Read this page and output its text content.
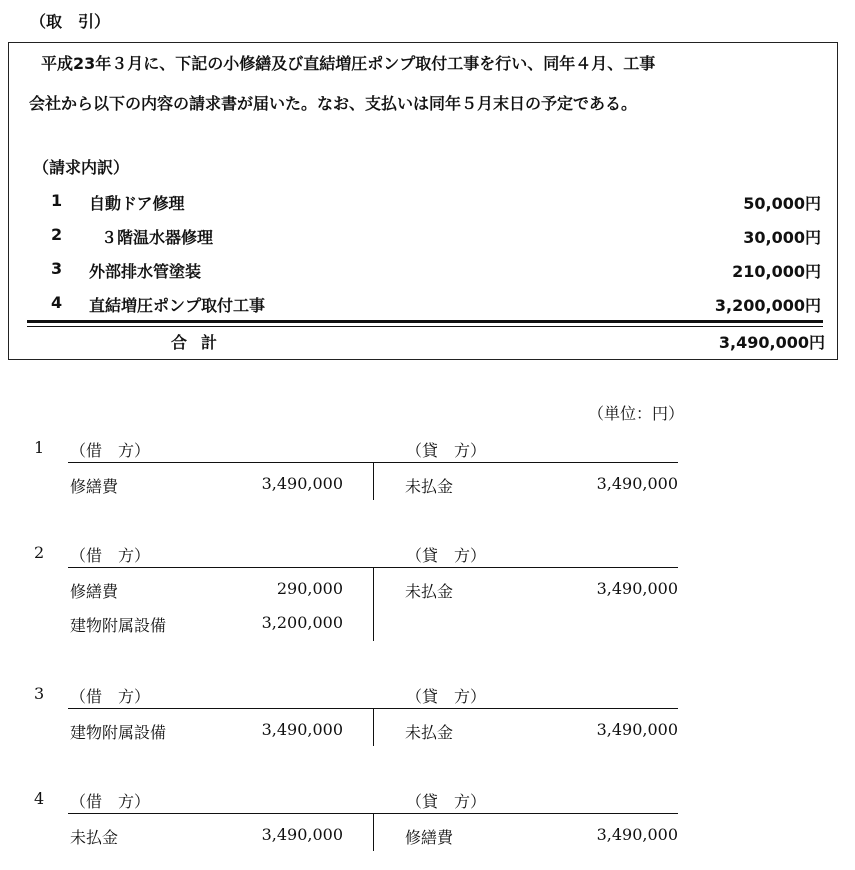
（取　引）
平成23年３月に、下記の小修繕及び直結増圧ポンプ取付工事を行い、同年４月、工事
会社から以下の内容の請求書が届いた。なお、支払いは同年５月末日の予定である。
（請求内訳）
1 自動ドア修理	50,000円
2 ３階温水器修理	30,000円
3 外部排水管塗装	210,000円
4 直結増圧ポンプ取付工事	3,200,000円
合計	3,490,000円
（単位：円）
1 （借　方）	（貸　方）
修繕費	3,490,000	未払金	3,490,000
2 （借　方）	（貸　方）
修繕費	290,000	未払金	3,490,000
建物附属設備	3,200,000
3 （借　方）	（貸　方）
建物附属設備	3,490,000	未払金	3,490,000
4 （借　方）	（貸　方）
未払金	3,490,000	修繕費	3,490,000
